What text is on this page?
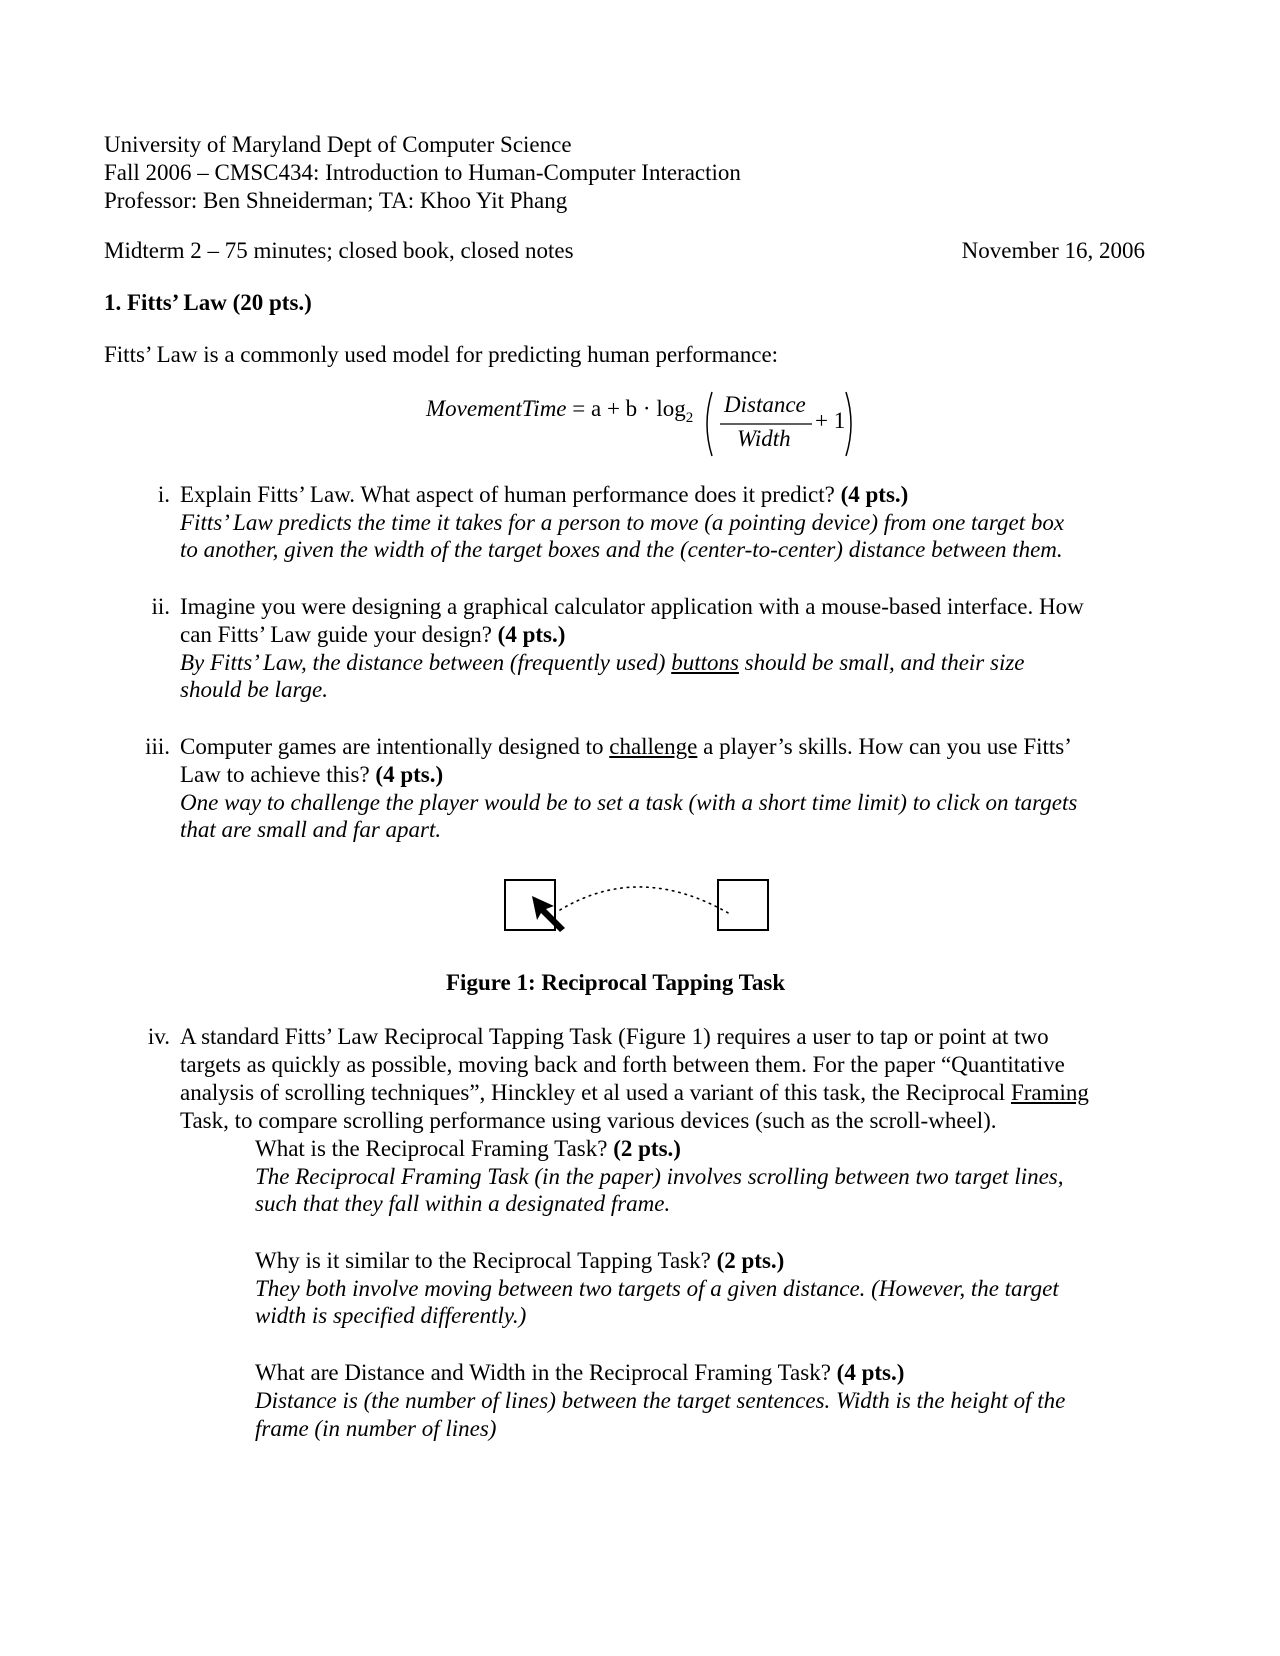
University of Maryland Dept of Computer Science
Fall 2006 – CMSC434: Introduction to Human-Computer Interaction
Professor: Ben Shneiderman; TA: Khoo Yit Phang
Midterm 2 – 75 minutes; closed book, closed notes	November 16, 2006
1. Fitts’ Law (20 pts.)
Fitts’ Law is a commonly used model for predicting human performance:
MovementTime = $a + b \cdot \log_2$
Distance
Width
+ 1
i. Explain Fitts’ Law. What aspect of human performance does it predict? (4 pts.)
Fitts’ Law predicts the time it takes for a person to move (a pointing device) from one target box
to another, given the width of the target boxes and the (center-to-center) distance between them.
ii. Imagine you were designing a graphical calculator application with a mouse-based interface. How
can Fitts’ Law guide your design? (4 pts.)
By Fitts’ Law, the distance between (frequently used) buttons should be small, and their size
should be large.
iii. Computer games are intentionally designed to challenge a player’s skills. How can you use Fitts’
Law to achieve this? (4 pts.)
One way to challenge the player would be to set a task (with a short time limit) to click on targets
that are small and far apart.
Figure 1: Reciprocal Tapping Task
iv. A standard Fitts’ Law Reciprocal Tapping Task (Figure 1) requires a user to tap or point at two
targets as quickly as possible, moving back and forth between them. For the paper “Quantitative
analysis of scrolling techniques”, Hinckley et al used a variant of this task, the Reciprocal Framing
Task, to compare scrolling performance using various devices (such as the scroll-wheel).
What is the Reciprocal Framing Task? (2 pts.)
The Reciprocal Framing Task (in the paper) involves scrolling between two target lines,
such that they fall within a designated frame.
Why is it similar to the Reciprocal Tapping Task? (2 pts.)
They both involve moving between two targets of a given distance. (However, the target
width is specified differently.)
What are Distance and Width in the Reciprocal Framing Task? (4 pts.)
Distance is (the number of lines) between the target sentences. Width is the height of the
frame (in number of lines)
